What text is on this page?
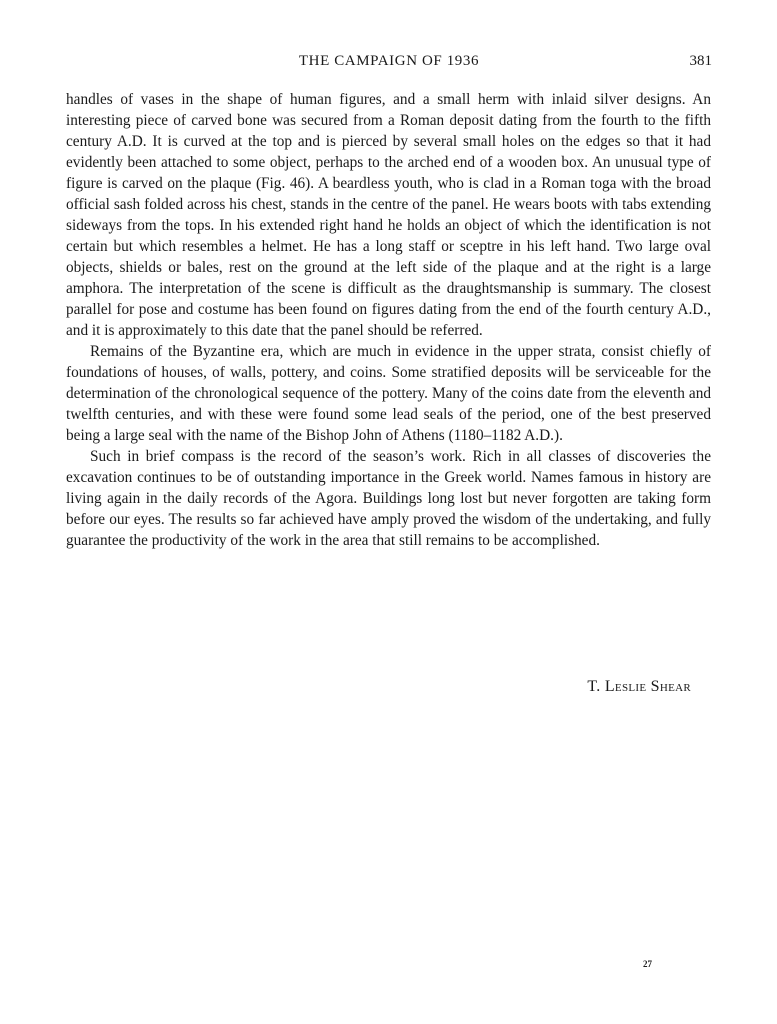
THE CAMPAIGN OF 1936	381

handles of vases in the shape of human figures, and a small herm with inlaid silver designs. An interesting piece of carved bone was secured from a Roman deposit dating from the fourth to the fifth century A.D. It is curved at the top and is pierced by several small holes on the edges so that it had evidently been attached to some object, perhaps to the arched end of a wooden box. An unusual type of figure is carved on the plaque (Fig. 46). A beardless youth, who is clad in a Roman toga with the broad official sash folded across his chest, stands in the centre of the panel. He wears boots with tabs extending sideways from the tops. In his extended right hand he holds an object of which the identification is not certain but which resembles a helmet. He has a long staff or sceptre in his left hand. Two large oval objects, shields or bales, rest on the ground at the left side of the plaque and at the right is a large amphora. The interpretation of the scene is difficult as the draughtsmanship is summary. The closest parallel for pose and costume has been found on figures dating from the end of the fourth century A.D., and it is approximately to this date that the panel should be referred.

Remains of the Byzantine era, which are much in evidence in the upper strata, consist chiefly of foundations of houses, of walls, pottery, and coins. Some stratified deposits will be serviceable for the determination of the chronological sequence of the pottery. Many of the coins date from the eleventh and twelfth centuries, and with these were found some lead seals of the period, one of the best preserved being a large seal with the name of the Bishop John of Athens (1180–1182 A.D.).

Such in brief compass is the record of the season’s work. Rich in all classes of discoveries the excavation continues to be of outstanding importance in the Greek world. Names famous in history are living again in the daily records of the Agora. Buildings long lost but never forgotten are taking form before our eyes. The results so far achieved have amply proved the wisdom of the undertaking, and fully guarantee the productivity of the work in the area that still remains to be accomplished.

T. Leslie Shear
27
